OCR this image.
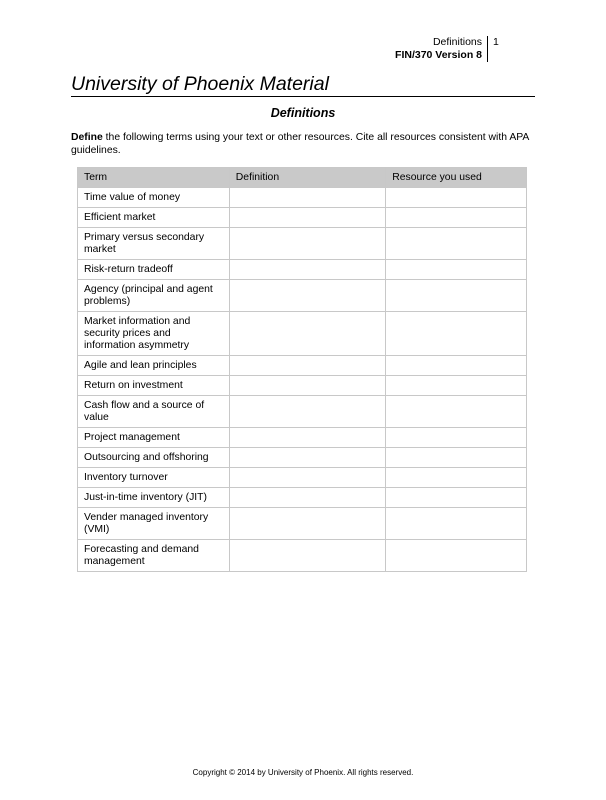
Definitions
FIN/370 Version 8
1
University of Phoenix Material
Definitions
Define the following terms using your text or other resources. Cite all resources consistent with APA guidelines.
Term	Definition	Resource you used
Time value of money		
Efficient market		
Primary versus secondary market		
Risk-return tradeoff		
Agency (principal and agent problems)		
Market information and security prices and information asymmetry		
Agile and lean principles		
Return on investment		
Cash flow and a source of value		
Project management		
Outsourcing and offshoring		
Inventory turnover		
Just-in-time inventory (JIT)		
Vender managed inventory (VMI)		
Forecasting and demand management		
Copyright © 2014 by University of Phoenix. All rights reserved.
